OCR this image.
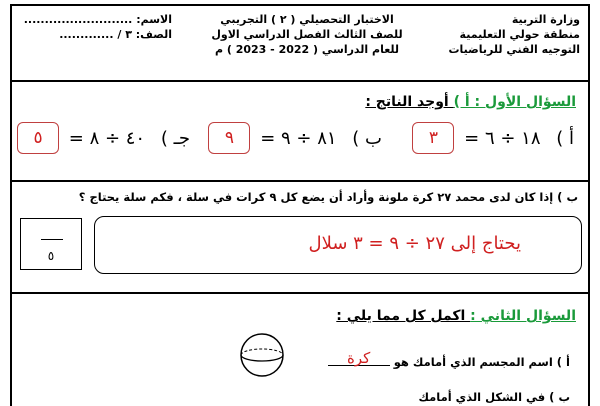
وزارة التربية
منطقة حولي التعليمية
التوجيه الفني للرياضيات
الاختبار التحصيلي ( ٢ ) التجريبي
للصف الثالث الفصل الدراسي الاول
للعام الدراسي ( 2022 - 2023 ) م
الاسم: ..........................
الصف: ٣ / .............
السؤال الأول : أ ) أوجد الناتج :
أ ) ١٨ ÷ ٦ = ٣
ب ) ٨١ ÷ ٩ = ٩
جـ ) ٤٠ ÷ ٨ = ٥
ب ) إذا كان لدى محمد ٢٧ كرة ملونة وأراد أن يضع كل ٩ كرات في سلة ، فكم سلة يحتاج ؟
يحتاج إلى ٢٧ ÷ ٩ = ٣ سلال
٥
السؤال الثاني : اكمل كل مما يلي :
أ ) اسم المجسم الذي أمامك هوكرة
ب ) في الشكل الذي أمامك
